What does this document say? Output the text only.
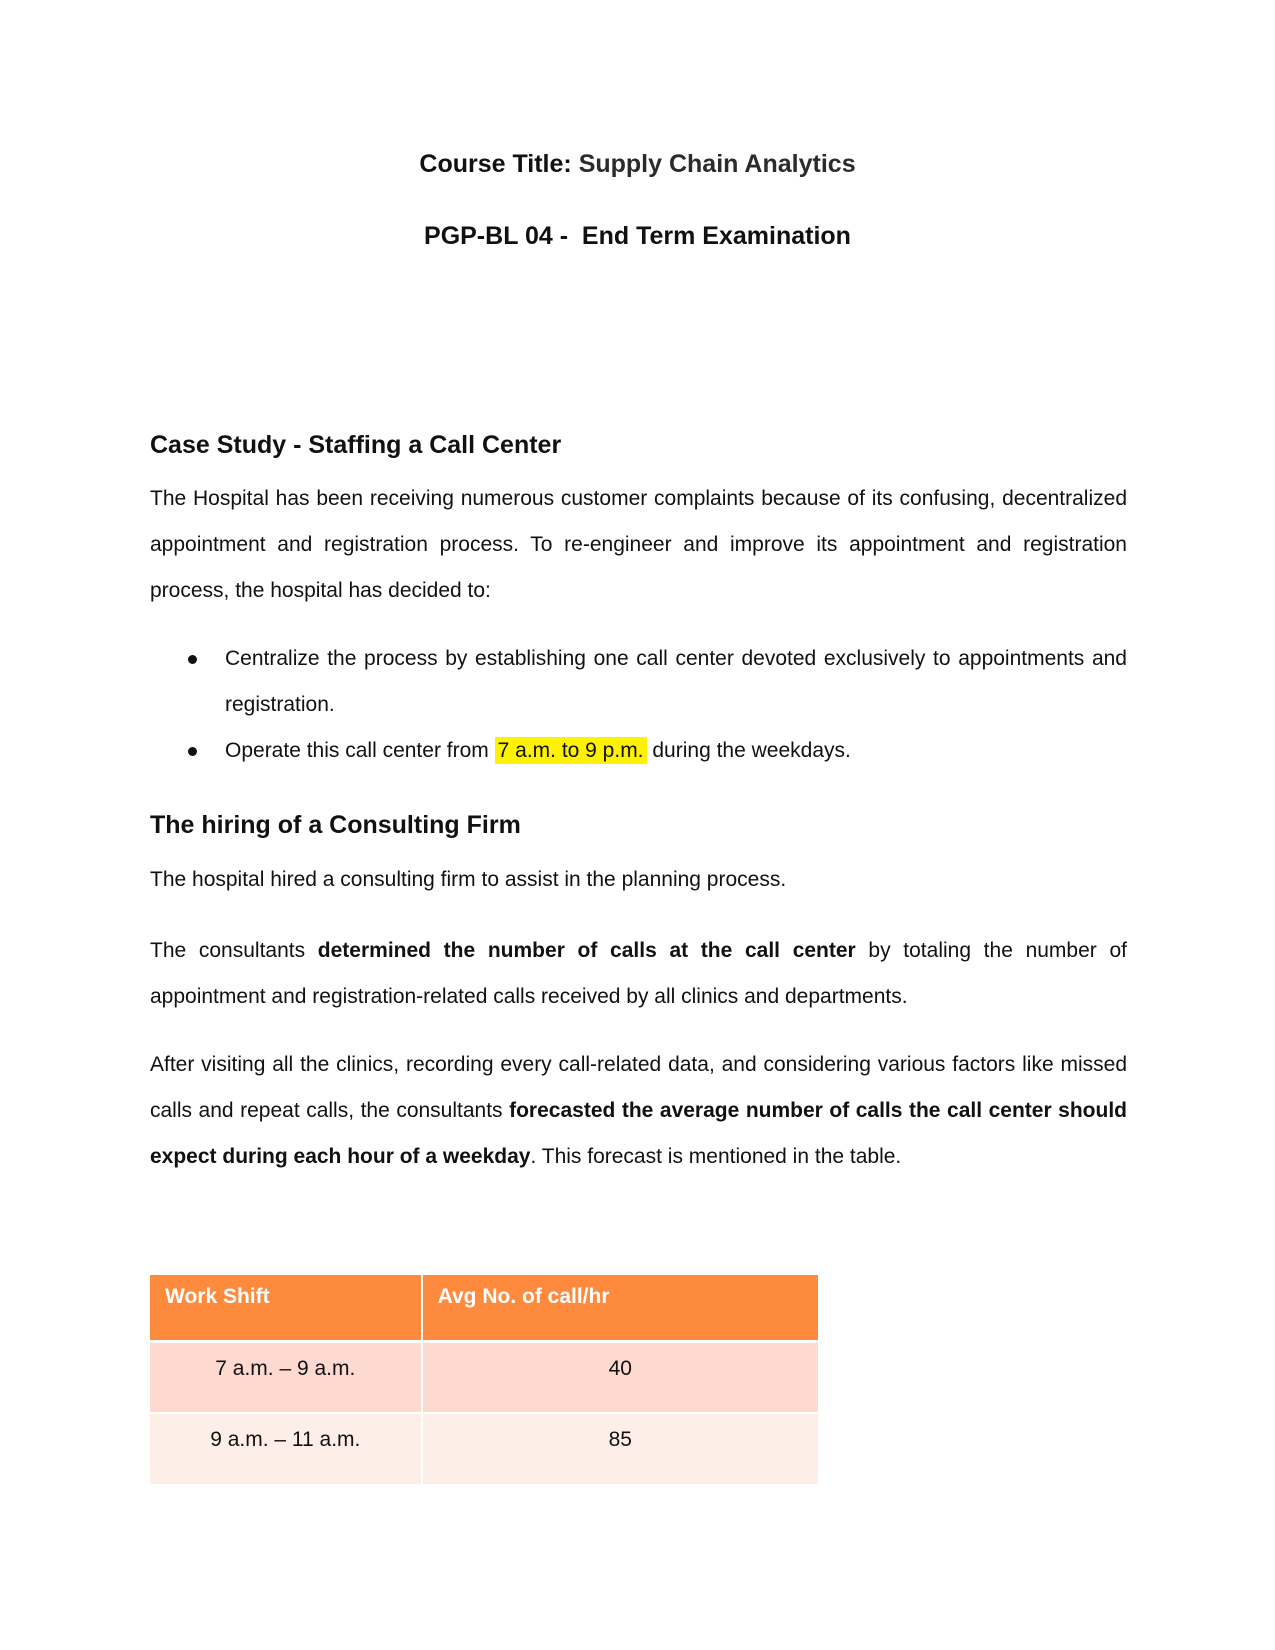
Course Title: Supply Chain Analytics
PGP-BL 04 -  End Term Examination
Case Study - Staffing a Call Center

The Hospital has been receiving numerous customer complaints because of its confusing, decentralized appointment and registration process. To re-engineer and improve its appointment and registration process, the hospital has decided to:

Centralize the process by establishing one call center devoted exclusively to appointments and registration.
Operate this call center from 7 a.m. to 9 p.m. during the weekdays.
The hiring of a Consulting Firm

The hospital hired a consulting firm to assist in the planning process.

The consultants determined the number of calls at the call center by totaling the number of appointment and registration-related calls received by all clinics and departments.

After visiting all the clinics, recording every call-related data, and considering various factors like missed calls and repeat calls, the consultants forecasted the average number of calls the call center should expect during each hour of a weekday. This forecast is mentioned in the table.

Work Shift	Avg No. of call/hr
7 a.m. – 9 a.m.	40
9 a.m. – 11 a.m.	85
